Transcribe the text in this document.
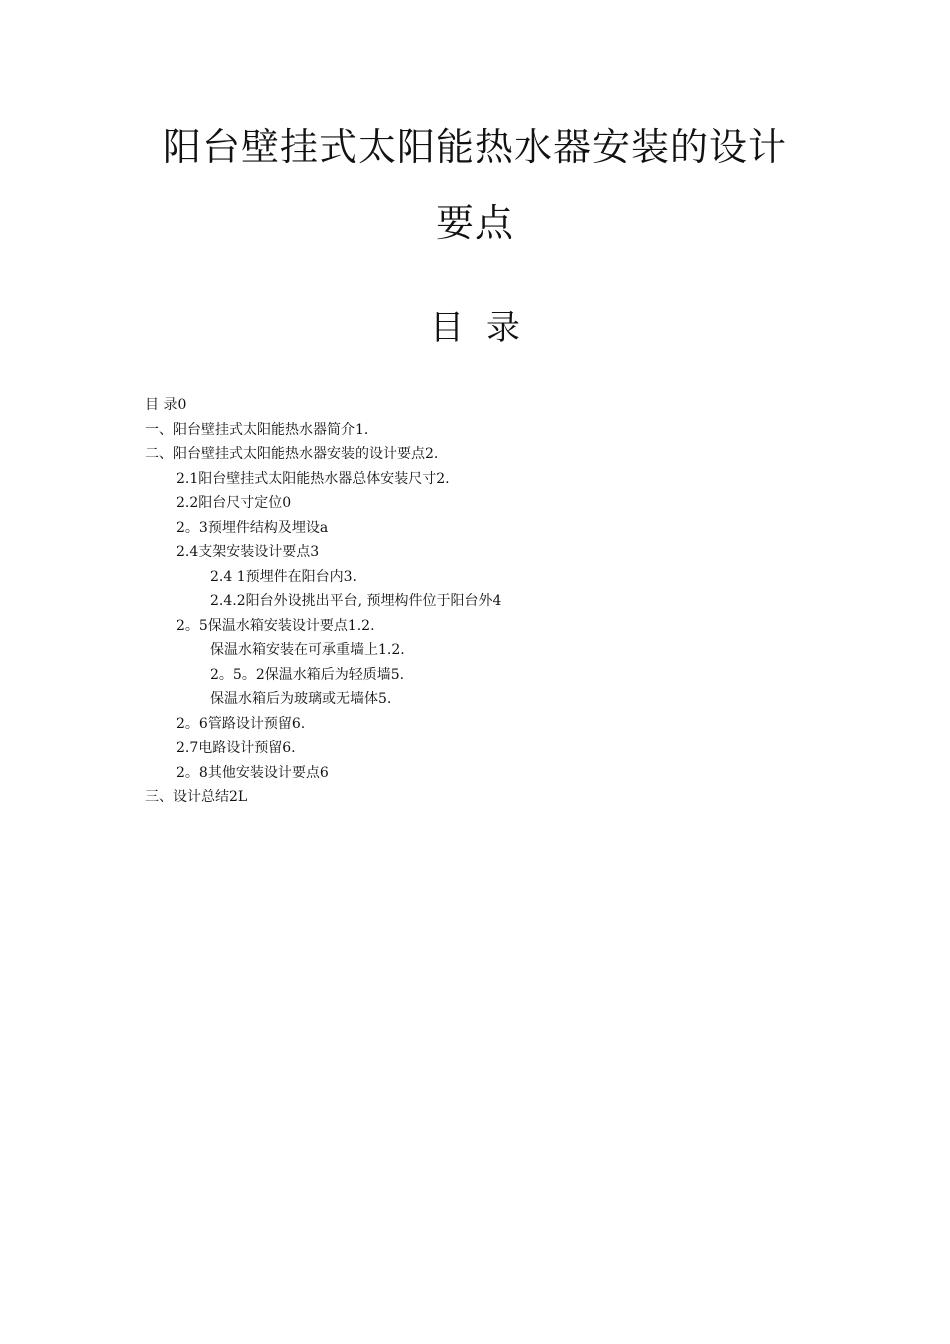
阳台壁挂式太阳能热水器安装的设计
要点
目 录
目 录0
一、阳台壁挂式太阳能热水器简介1.
二、阳台壁挂式太阳能热水器安装的设计要点2.
2.1阳台壁挂式太阳能热水器总体安装尺寸2.
2.2阳台尺寸定位0
2。3预埋件结构及埋设a
2.4支架安装设计要点3
2.4 1预埋件在阳台内3.
2.4.2阳台外设挑出平台, 预埋构件位于阳台外4
2。5保温水箱安装设计要点1.2.
保温水箱安装在可承重墙上1.2.
2。5。2保温水箱后为轻质墙5.
保温水箱后为玻璃或无墙体5.
2。6管路设计预留6.
2.7电路设计预留6.
2。8其他安装设计要点6
三、设计总结2L
